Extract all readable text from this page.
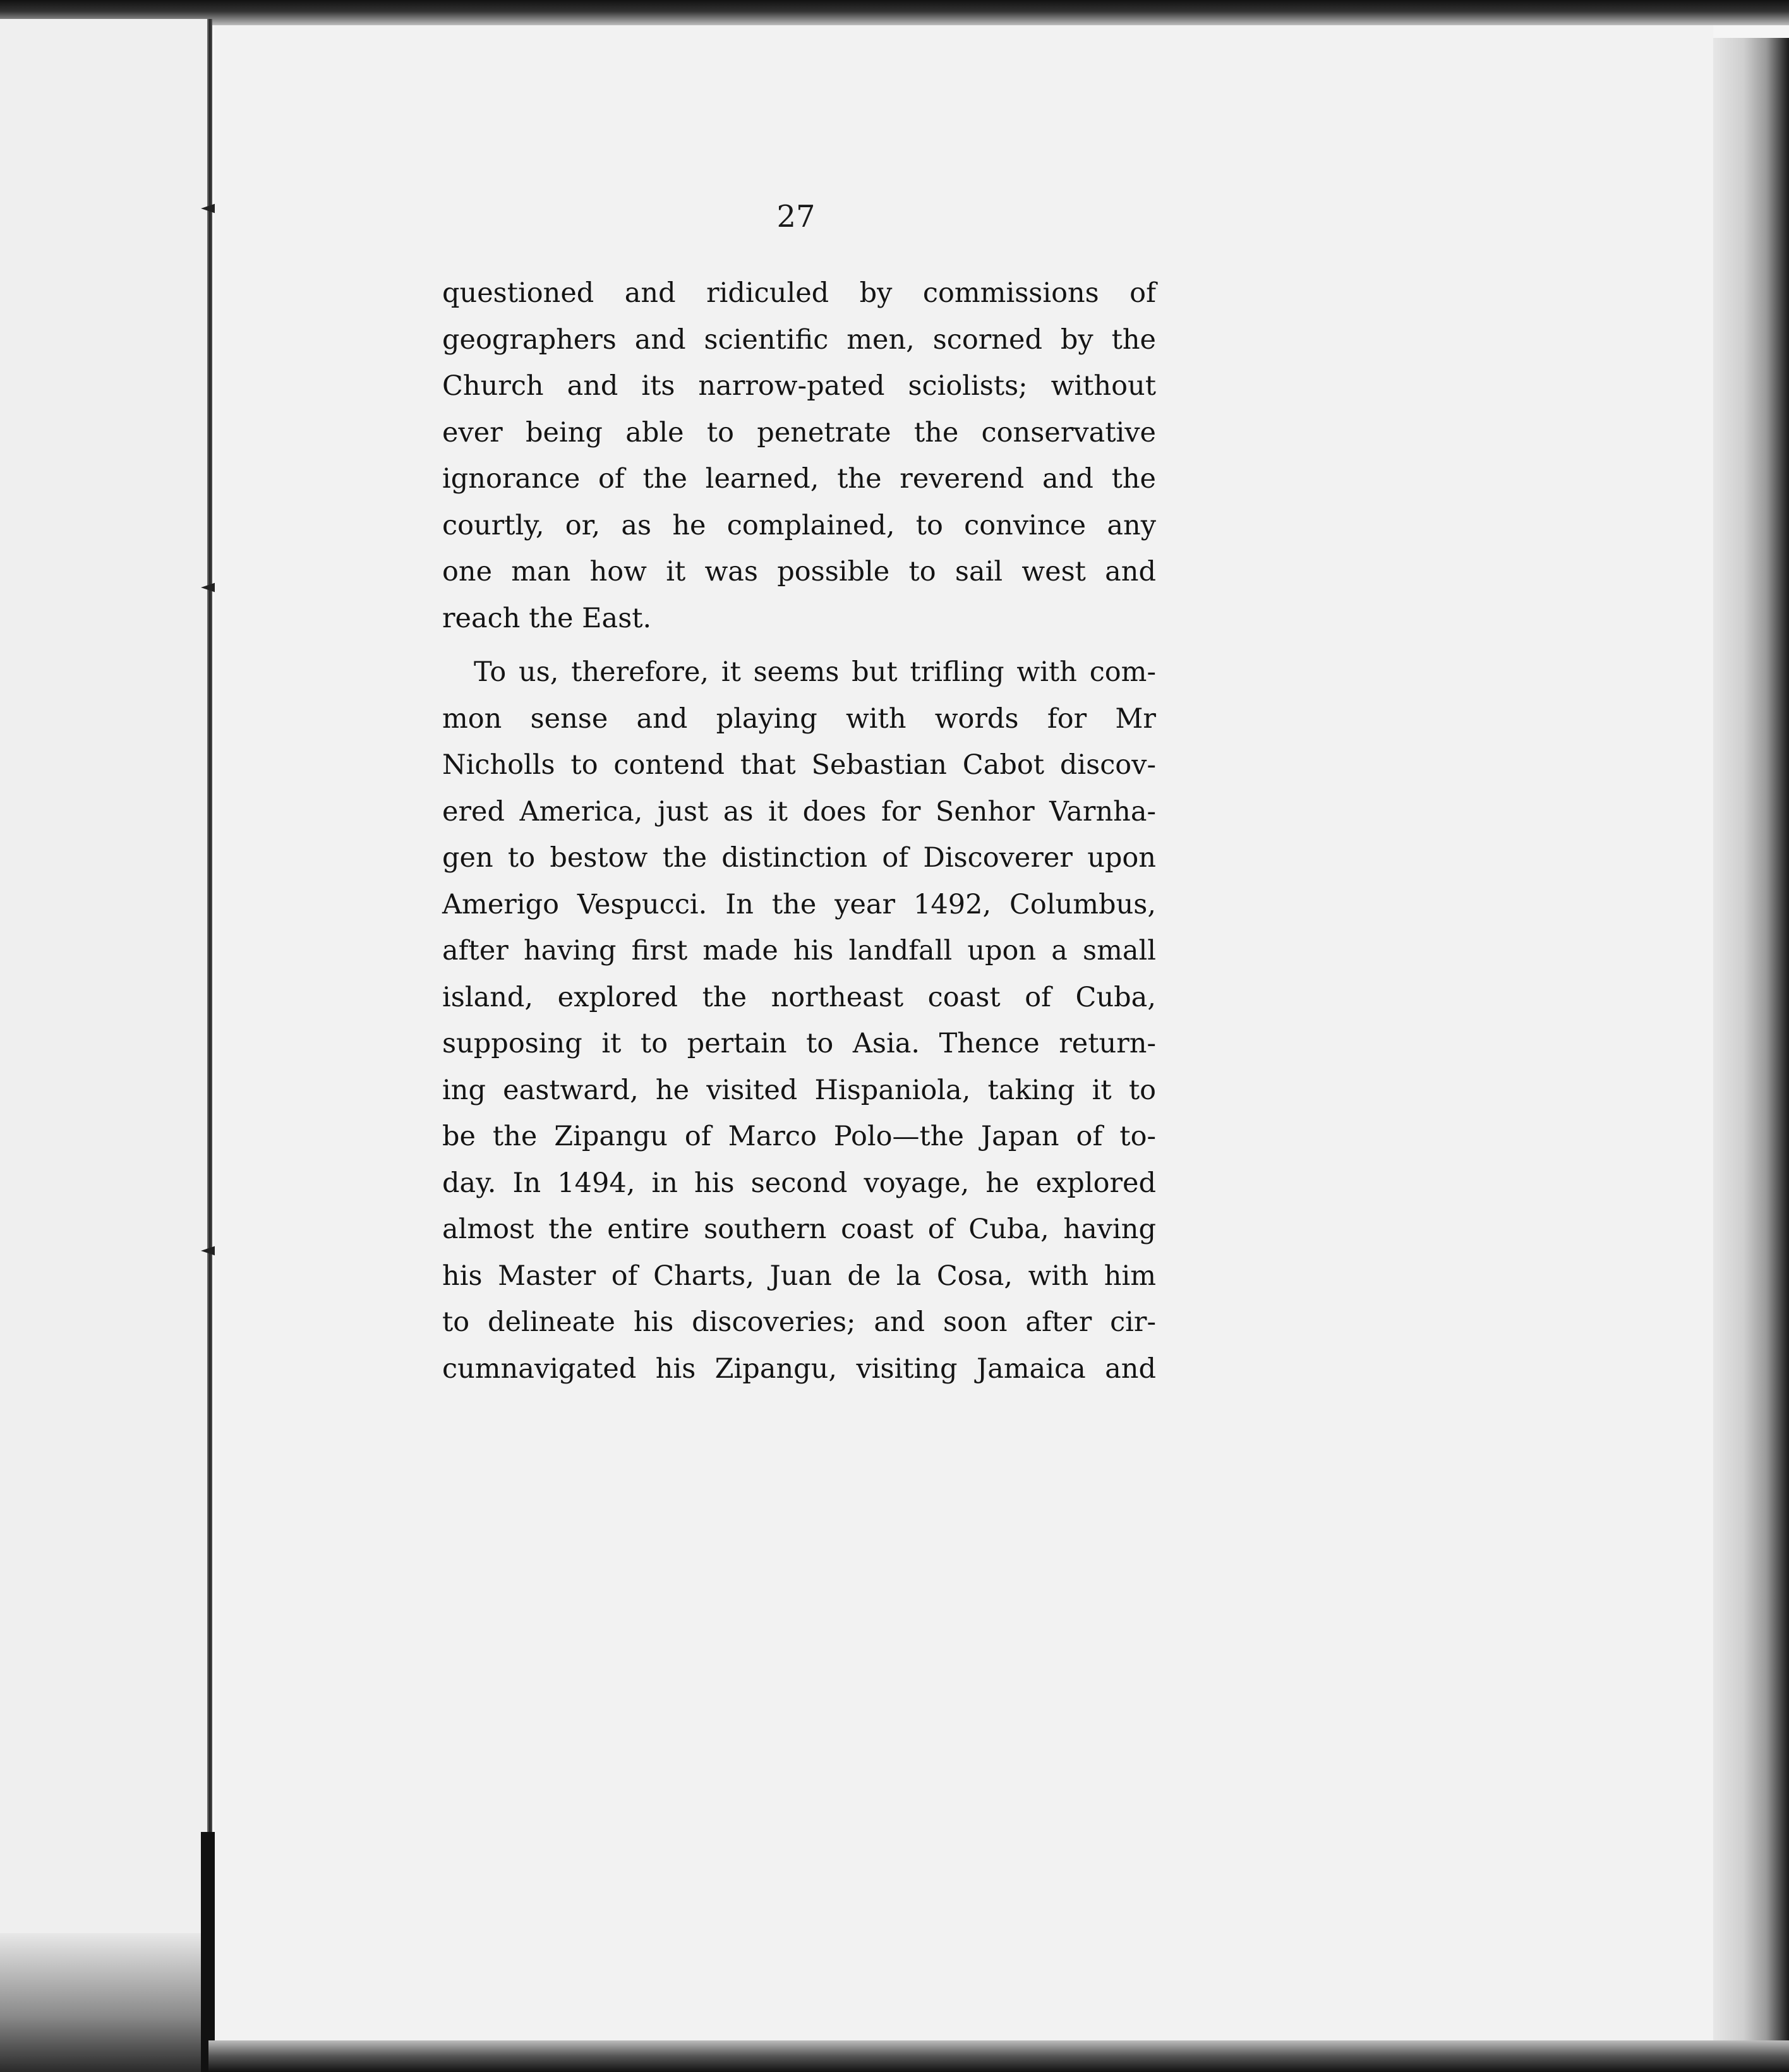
27
questioned and ridiculed by commissions of
geographers and scientific men, scorned by the
Church and its narrow-pated sciolists; without
ever being able to penetrate the conservative
ignorance of the learned, the reverend and the
courtly, or, as he complained, to convince any
one man how it was possible to sail west and
reach the East.
To us, therefore, it seems but trifling with com-
mon sense and playing with words for Mr
Nicholls to contend that Sebastian Cabot discov-
ered America, just as it does for Senhor Varnha-
gen to bestow the distinction of Discoverer upon
Amerigo Vespucci. In the year 1492, Columbus,
after having first made his landfall upon a small
island, explored the northeast coast of Cuba,
supposing it to pertain to Asia. Thence return-
ing eastward, he visited Hispaniola, taking it to
be the Zipangu of Marco Polo—the Japan of to-
day. In 1494, in his second voyage, he explored
almost the entire southern coast of Cuba, having
his Master of Charts, Juan de la Cosa, with him
to delineate his discoveries; and soon after cir-
cumnavigated his Zipangu, visiting Jamaica and
